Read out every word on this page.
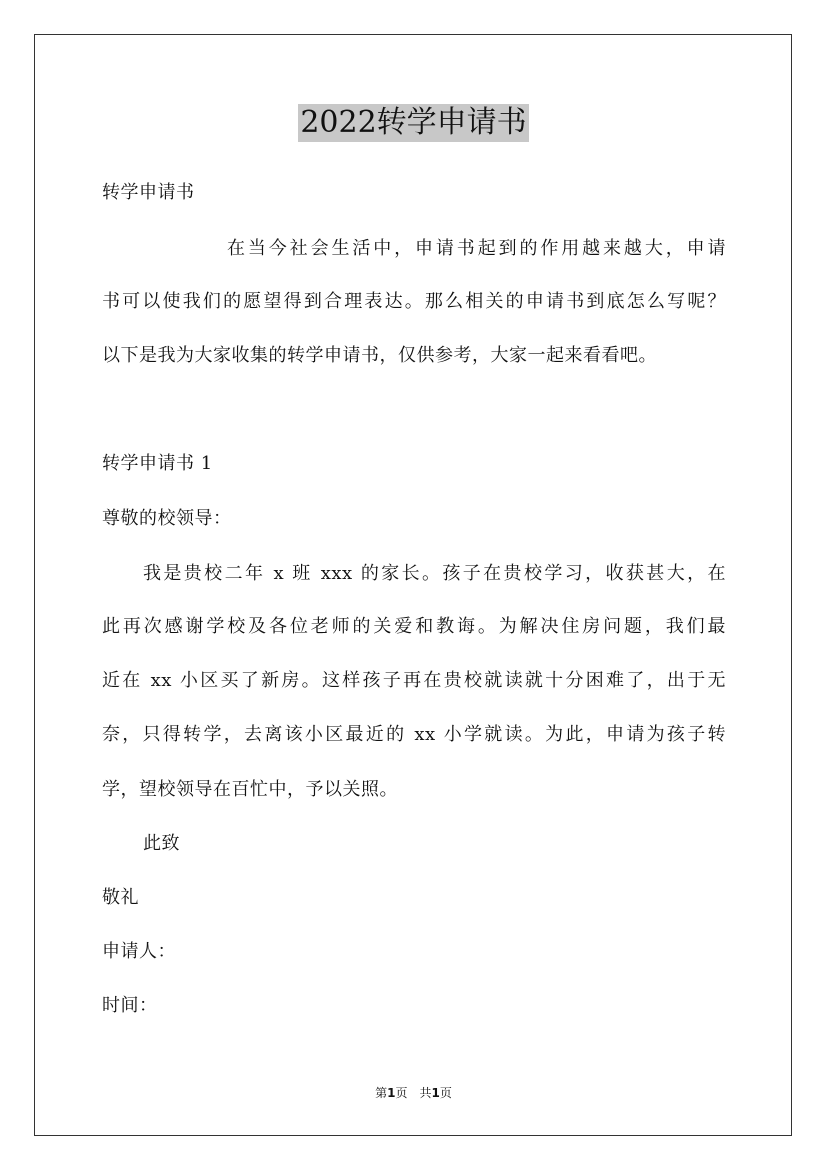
2022转学申请书
转学申请书
在当今社会生活中，申请书起到的作用越来越大，申请
书可以使我们的愿望得到合理表达。那么相关的申请书到底怎么写呢？
以下是我为大家收集的转学申请书，仅供参考，大家一起来看看吧。
转学申请书 1
尊敬的校领导：
我是贵校二年 x 班 xxx 的家长。孩子在贵校学习，收获甚大，在
此再次感谢学校及各位老师的关爱和教诲。为解决住房问题，我们最
近在 xx 小区买了新房。这样孩子再在贵校就读就十分困难了，出于无
奈，只得转学，去离该小区最近的 xx 小学就读。为此，申请为孩子转
学，望校领导在百忙中，予以关照。
此致
敬礼
申请人：
时间：
第1页　共1页
